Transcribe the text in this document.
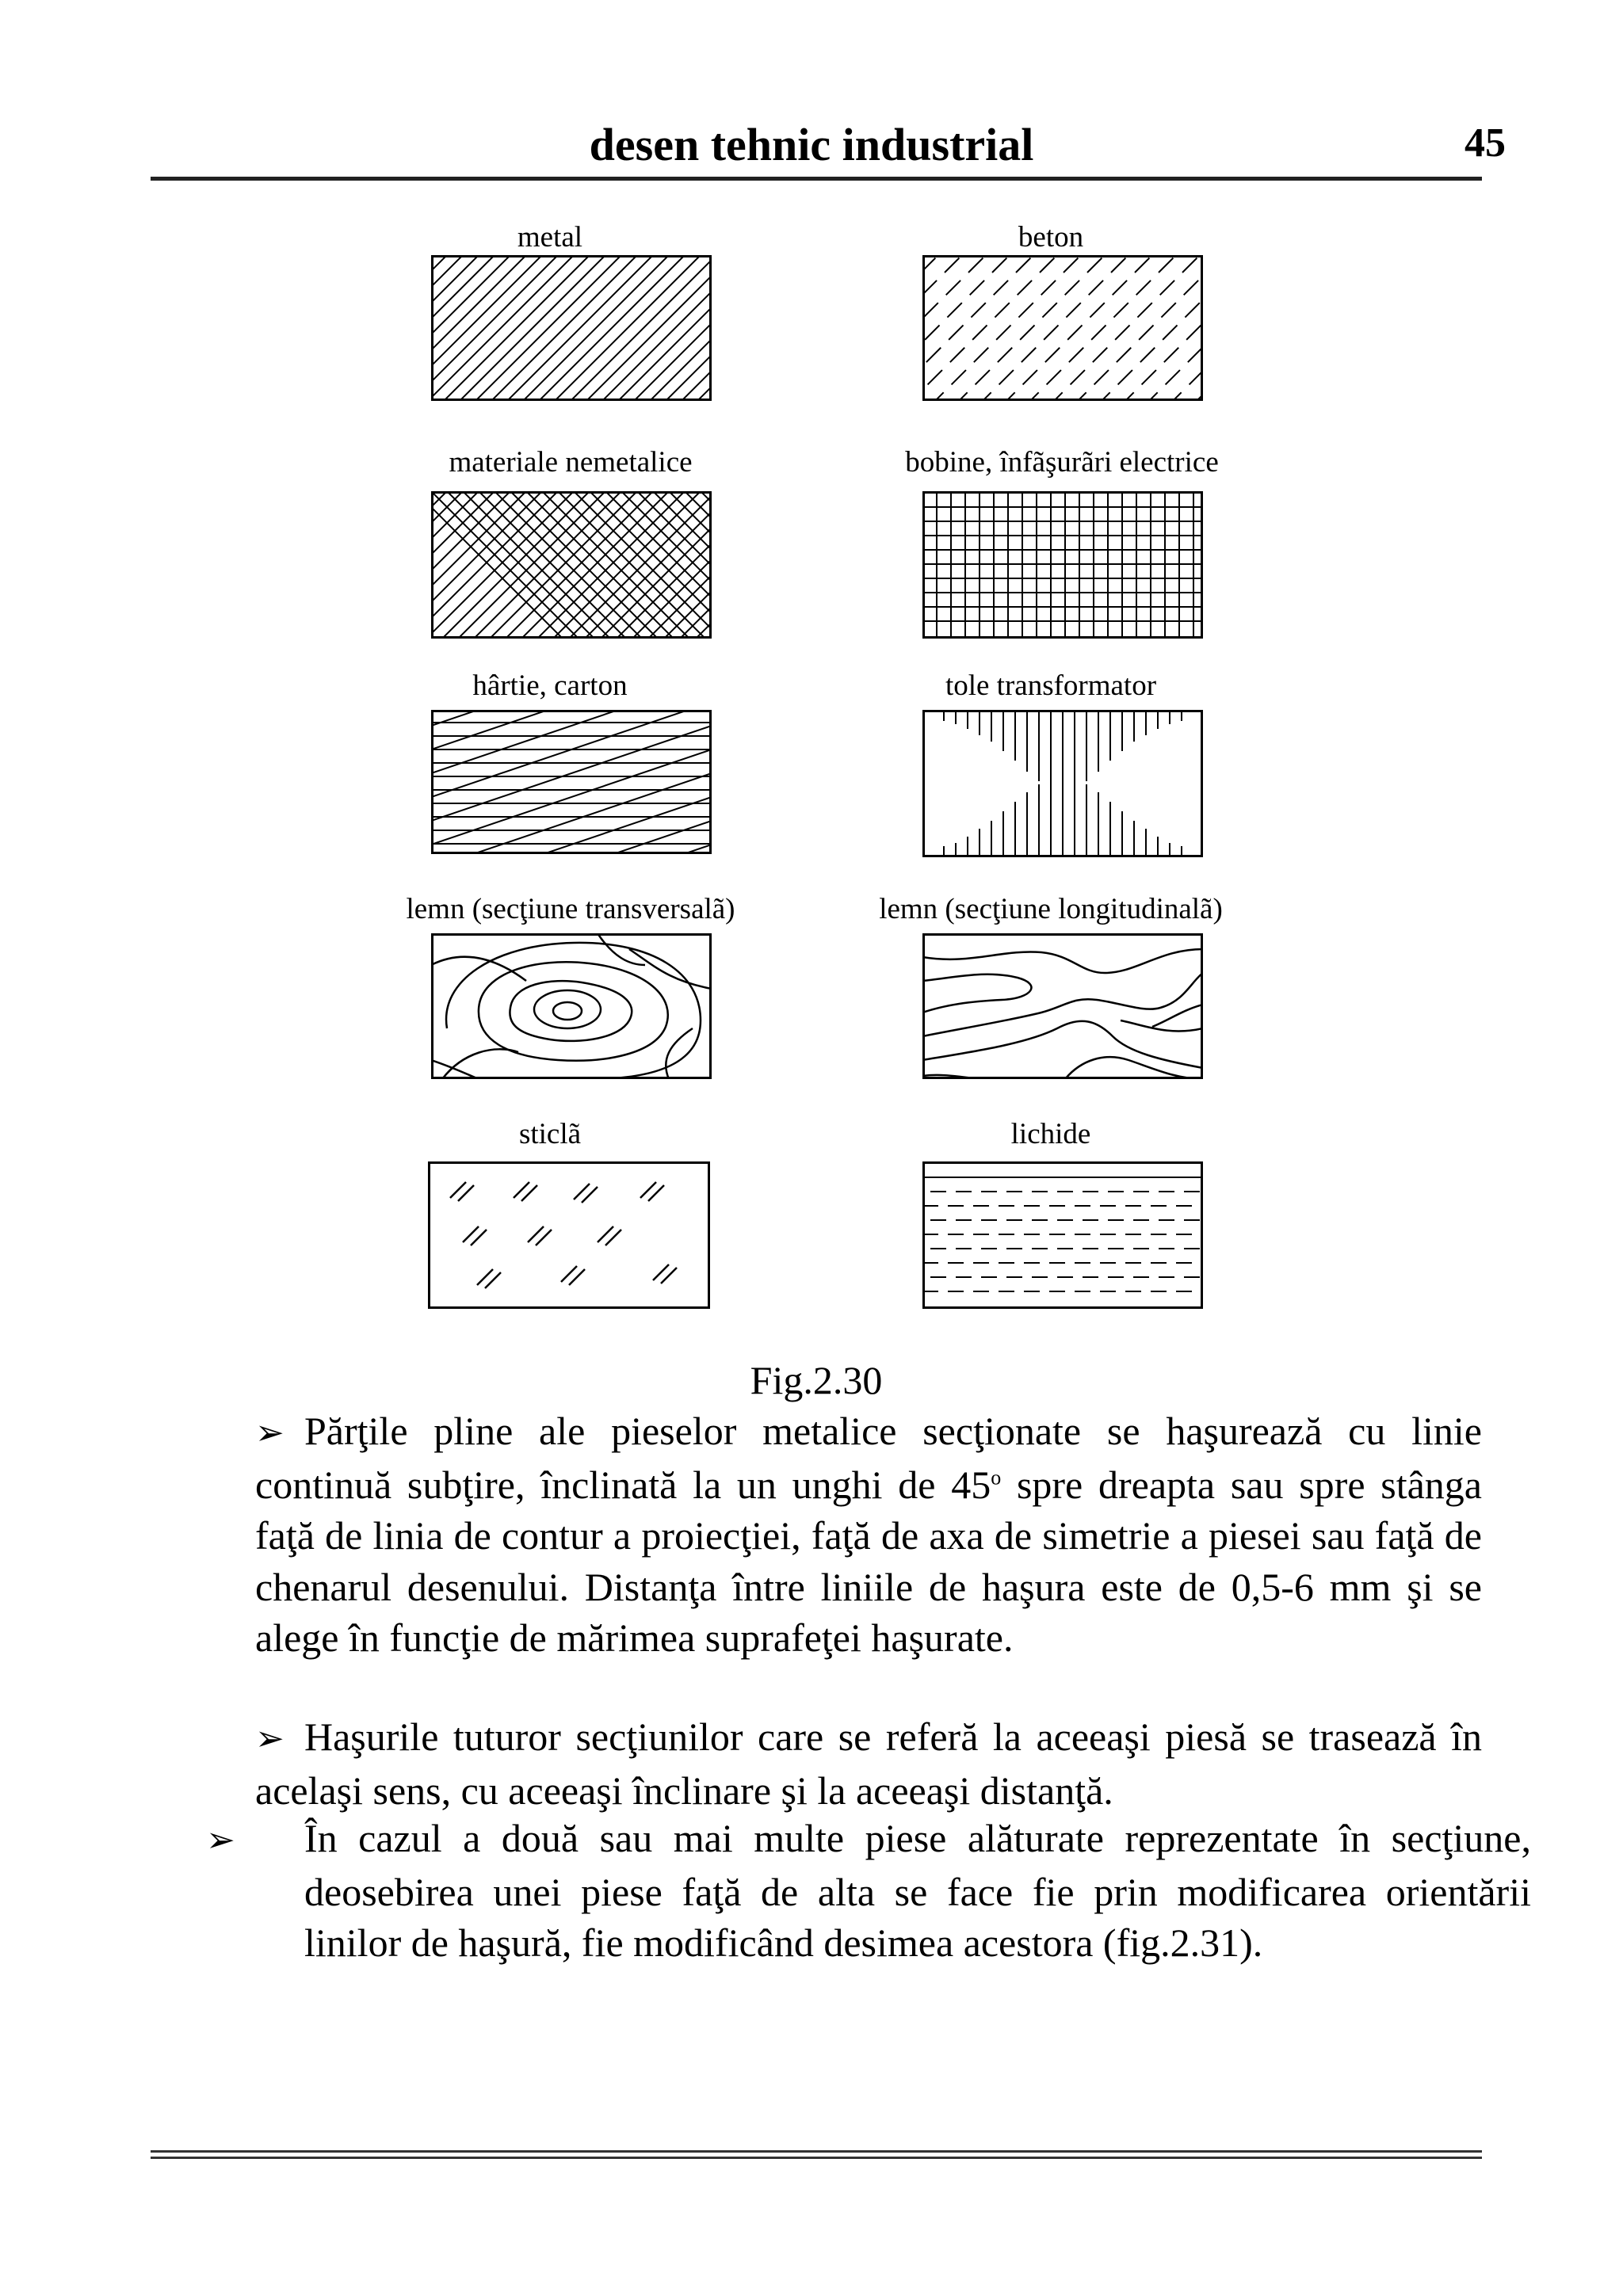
desen tehnic industrial	45
metal	beton
materiale nemetalice	bobine, înfãşurãri electrice
hârtie, carton	tole transformator
lemn (secţiune transversalã)	lemn (secţiune longitudinalã)
sticlã	lichide
Fig.2.30
➢ Părţile pline ale pieselor metalice secţionate se haşurează cu linie continuă subţire, înclinată la un unghi de 45$^o$ spre dreapta sau spre stânga faţă de linia de contur a proiecţiei, faţă de axa de simetrie a piesei sau faţă de chenarul desenului. Distanţa între liniile de haşura este de 0,5-6 mm şi se alege în funcţie de mărimea suprafeţei haşurate.
➢ Haşurile tuturor secţiunilor care se referă la aceeaşi piesă se trasează în acelaşi sens, cu aceeaşi înclinare şi la aceeaşi distanţă.
➢ În cazul a două sau mai multe piese alăturate reprezentate în secţiune, deosebirea unei piese faţă de alta se face fie prin modificarea orientării linilor de haşură, fie modificând desimea acestora (fig.2.31).
